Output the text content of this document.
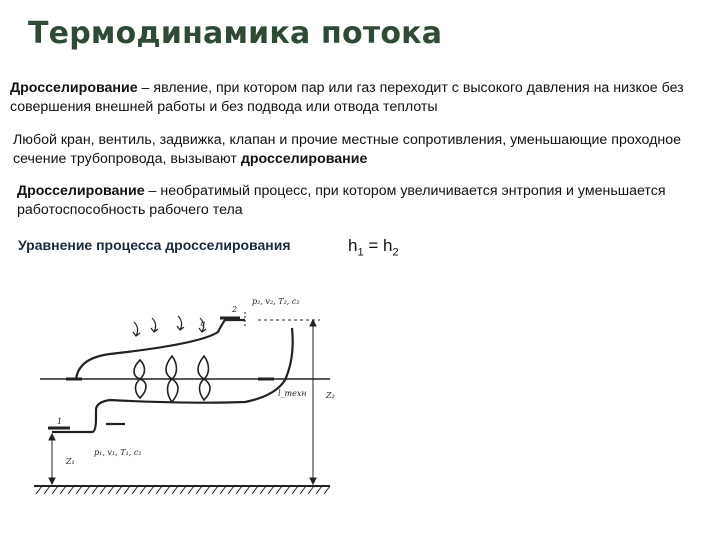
Термодинамика потока
Дросселирование – явление, при котором пар или газ переходит с высокого давления на низкое без совершения внешней работы и без подвода или отвода теплоты
Любой кран, вентиль, задвижка, клапан и прочие местные сопротивления, уменьшающие проходное сечение трубопровода, вызывают дросселирование
Дросселирование – необратимый процесс, при котором увеличивается энтропия и уменьшается работоспособность рабочего тела
Уравнение процесса дросселирования	$h_1 = h_2$
1
2
p₁, v₁, T₁, c₁
p₂, v₂, T₂, c₂
q
l_техн
Z₁
Z₂
